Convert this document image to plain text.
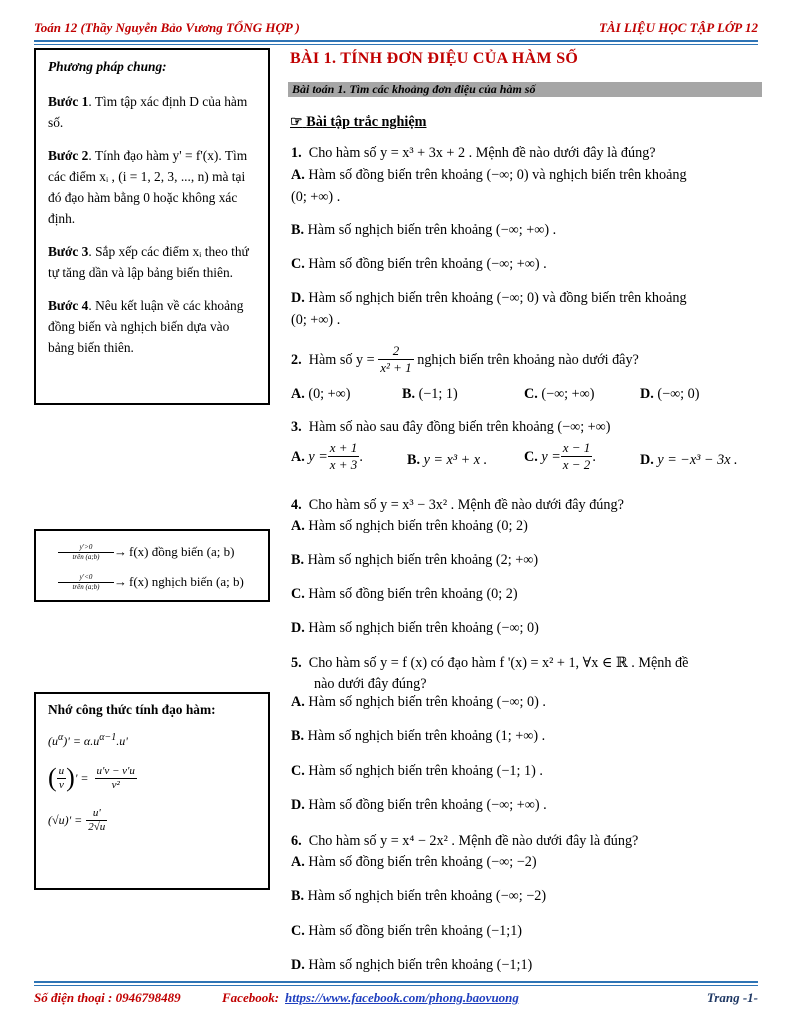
Toán 12 (Thầy Nguyễn Bảo Vương TỔNG HỢP )	TÀI LIỆU HỌC TẬP LỚP 12

Phương pháp chung:

Bước 1. Tìm tập xác định D của hàm số.

Bước 2. Tính đạo hàm y' = f'(x). Tìm các điểm xᵢ , (i = 1, 2, 3, ..., n) mà tại đó đạo hàm bằng 0 hoặc không xác định.

Bước 3. Sắp xếp các điểm xᵢ theo thứ tự tăng dần và lập bảng biến thiên.

Bước 4. Nêu kết luận về các khoảng đồng biến và nghịch biến dựa vào bảng biến thiên.

y'>0
trên (a;b)	→ f(x) đồng biến (a; b)
y'<0
trên (a;b)	→ f(x) nghịch biến (a; b)
Nhớ công thức tính đạo hàm:
$(u^\alpha)' = \alpha.u^{\alpha-1}.u'$
( $\frac{u}{v}$ ) ' = $\frac{u'v - v'u}{\text{v²}}$
$(√u)' = \frac{u'}{2√u}$
BÀI 1. TÍNH ĐƠN ĐIỆU CỦA HÀM SỐ
Bài toán 1. Tìm các khoảng đơn điệu của hàm số
☞ Bài tập trắc nghiệm
1. Cho hàm số y = x³ + 3x + 2 . Mệnh đề nào dưới đây là đúng?
A. Hàm số đồng biến trên khoảng (−∞; 0) và nghịch biến trên khoảng
(0; +∞) .
B. Hàm số nghịch biến trên khoảng (−∞; +∞) .
C. Hàm số đồng biến trên khoảng (−∞; +∞) .
D. Hàm số nghịch biến trên khoảng (−∞; 0) và đồng biến trên khoảng
(0; +∞) .
2.
Hàm số y =
$\frac{2}{\text{x² + 1}}$
nghịch biến trên khoảng nào dưới đây?
A. (0; +∞)	B. (−1; 1)	C. (−∞; +∞)	D. (−∞; 0)
3. Hàm số nào sau đây đồng biến trên khoảng (−∞; +∞)
A.
$y = \frac{x + 1}{x + 3}$ .	B. y = x³ + x .	C.
$y = \frac{x - 1}{x - 2}$ .	D. y = −x³ − 3x .
4. Cho hàm số y = x³ − 3x² . Mệnh đề nào dưới đây đúng?
A. Hàm số nghịch biến trên khoảng (0; 2)
B. Hàm số nghịch biến trên khoảng (2; +∞)
C. Hàm số đồng biến trên khoảng (0; 2)
D. Hàm số nghịch biến trên khoảng (−∞; 0)
5. Cho hàm số y = f (x) có đạo hàm f '(x) = x² + 1, ∀x ∈ ℝ . Mệnh đề
nào dưới đây đúng?
A. Hàm số nghịch biến trên khoảng (−∞; 0) .
B. Hàm số nghịch biến trên khoảng (1; +∞) .
C. Hàm số nghịch biến trên khoảng (−1; 1) .
D. Hàm số đồng biến trên khoảng (−∞; +∞) .
6. Cho hàm số y = x⁴ − 2x² . Mệnh đề nào dưới đây là đúng?
A. Hàm số đồng biến trên khoảng (−∞; −2)
B. Hàm số nghịch biến trên khoảng (−∞; −2)
C. Hàm số đồng biến trên khoảng (−1;1)
D. Hàm số nghịch biến trên khoảng (−1;1)
Số điện thoại : 0946798489	Facebook: https://www.facebook.com/phong.baovuong	Trang -1-
